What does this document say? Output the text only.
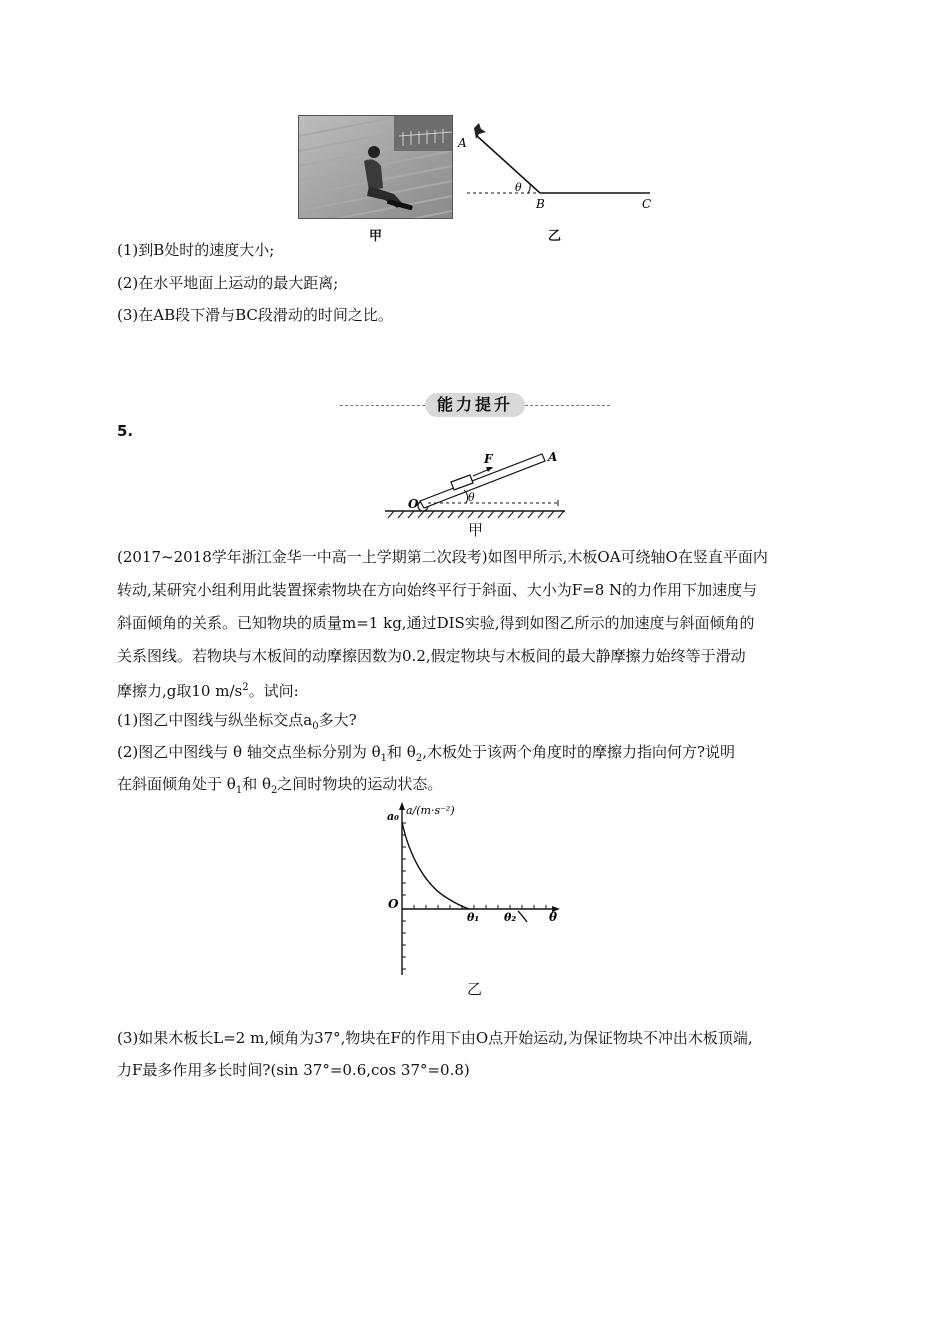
甲
A
θ
B	C
乙
(1)到B处时的速度大小;
(2)在水平地面上运动的最大距离;
(3)在AB段下滑与BC段滑动的时间之比。
能力提升
5.
O
A
F
θ
甲
(2017~2018学年浙江金华一中高一上学期第二次段考)如图甲所示,木板OA可绕轴O在竖直平面内
转动,某研究小组利用此装置探索物块在方向始终平行于斜面、大小为F=8 N的力作用下加速度与
斜面倾角的关系。已知物块的质量m=1 kg,通过DIS实验,得到如图乙所示的加速度与斜面倾角的
关系图线。若物块与木板间的动摩擦因数为0.2,假定物块与木板间的最大静摩擦力始终等于滑动
摩擦力,g取10 $m/s^2$。试问:
(1)图乙中图线与纵坐标交点$a_0$多大?
(2)图乙中图线与 θ 轴交点坐标分别为 $\theta_1$和 $\theta_2$,木板处于该两个角度时的摩擦力指向何方?说明
在斜面倾角处于 $\theta_1$和 $\theta_2$之间时物块的运动状态。
a/(m·s⁻²)
a₀
O
θ₁ θ₂	θ
乙
(3)如果木板长L=2 m,倾角为37°,物块在F的作用下由O点开始运动,为保证物块不冲出木板顶端,
力F最多作用多长时间?(sin 37°=0.6,cos 37°=0.8)
